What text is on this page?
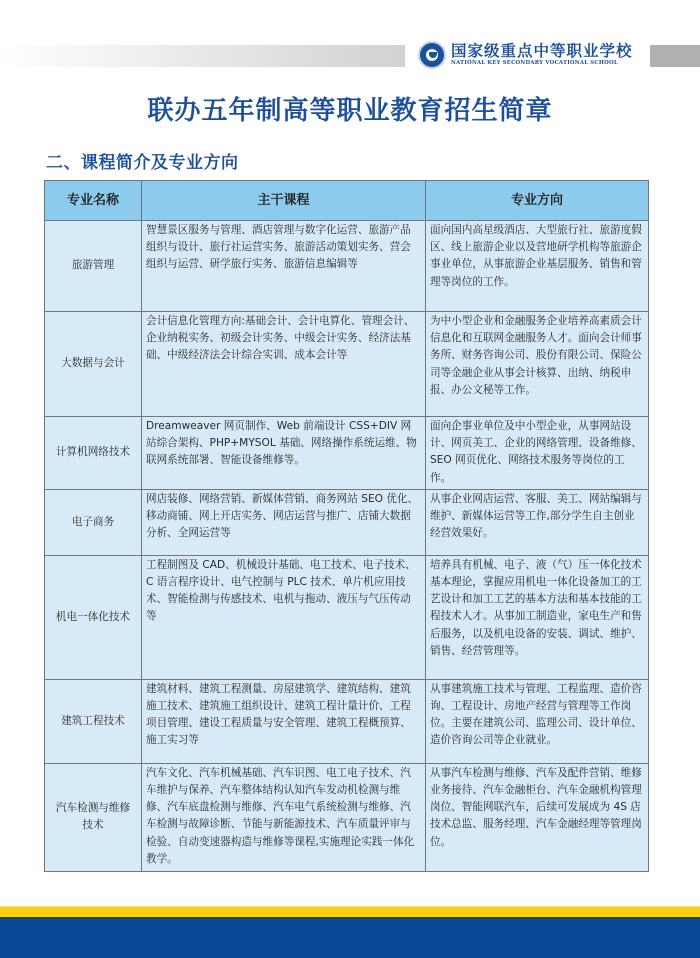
国家级重点中等职业学校
NATIONAL KEY SECONDARY VOCATIONAL SCHOOL
联办五年制高等职业教育招生简章
二、课程简介及专业方向
专业名称	主干课程	专业方向
旅游管理	智慧景区服务与管理、酒店管理与数字化运营、旅游产品组织与设计、旅行社运营实务、旅游活动策划实务、营会组织与运营、研学旅行实务、旅游信息编辑等	面向国内高星级酒店、大型旅行社、旅游度假区、线上旅游企业以及营地研学机构等旅游企事业单位，从事旅游企业基层服务、销售和管理等岗位的工作。
大数据与会计	会计信息化管理方向:基础会计、会计电算化、管理会计、企业纳税实务、初级会计实务、中级会计实务、经济法基础、中级经济法会计综合实训、成本会计等	为中小型企业和金融服务企业培养高素质会计信息化和互联网金融服务人才。面向会计师事务所、财务咨询公司、股份有限公司、保险公司等金融企业从事会计核算、出纳、纳税申报、办公文秘等工作。
计算机网络技术	Dreamweaver 网页制作、Web 前端设计 CSS+DIV 网站综合架构、PHP+MYSOL 基础、网络操作系统运维、物联网系统部署、智能设备维修等。	面向企事业单位及中小型企业，从事网站设计、网页美工、企业的网络管理、设备维修、SEO 网页优化、网络技术服务等岗位的工作。
电子商务	网店装修、网络营销、新媒体营销、商务网站 SEO 优化、移动商铺、网上开店实务、网店运营与推广、店铺大数据分析、全网运营等	从事企业网店运营、客服、美工、网站编辑与维护、新媒体运营等工作,部分学生自主创业经营效果好。
机电一体化技术	工程制图及 CAD、机械设计基础、电工技术、电子技术、C 语言程序设计、电气控制与 PLC 技术、单片机应用技术、智能检测与传感技术、电机与拖动、液压与气压传动等	培养具有机械、电子、液（气）压一体化技术基本理论，掌握应用机电一体化设备加工的工艺设计和加工工艺的基本方法和基本技能的工程技术人才。从事加工制造业，家电生产和售后服务，以及机电设备的安装、调试、维护、销售、经营管理等。
建筑工程技术	建筑材料、建筑工程测量、房屋建筑学、建筑结构、建筑施工技术、建筑施工组织设计、建筑工程计量计价、工程项目管理、建设工程质量与安全管理、建筑工程概预算、施工实习等	从事建筑施工技术与管理、工程监理、造价咨询、工程设计、房地产经营与管理等工作岗位。主要在建筑公司、监理公司、设计单位、造价咨询公司等企业就业。
汽车检测与维修技术	汽车文化、汽车机械基础、汽车识图、电工电子技术、汽车维护与保养、汽车整体结构认知汽车发动机检测与维修、汽车底盘检测与维修、汽车电气系统检测与维修、汽车检测与故障诊断、节能与新能源技术、汽车质量评审与检验、自动变速器构造与维修等课程,实施理论实践一体化教学。	从事汽车检测与维修、汽车及配件营销、维修业务接待、汽车金融柜台、汽车金融机构管理岗位、智能网联汽车，后续可发展成为 4S 店技术总监、服务经理、汽车金融经理等管理岗位。
